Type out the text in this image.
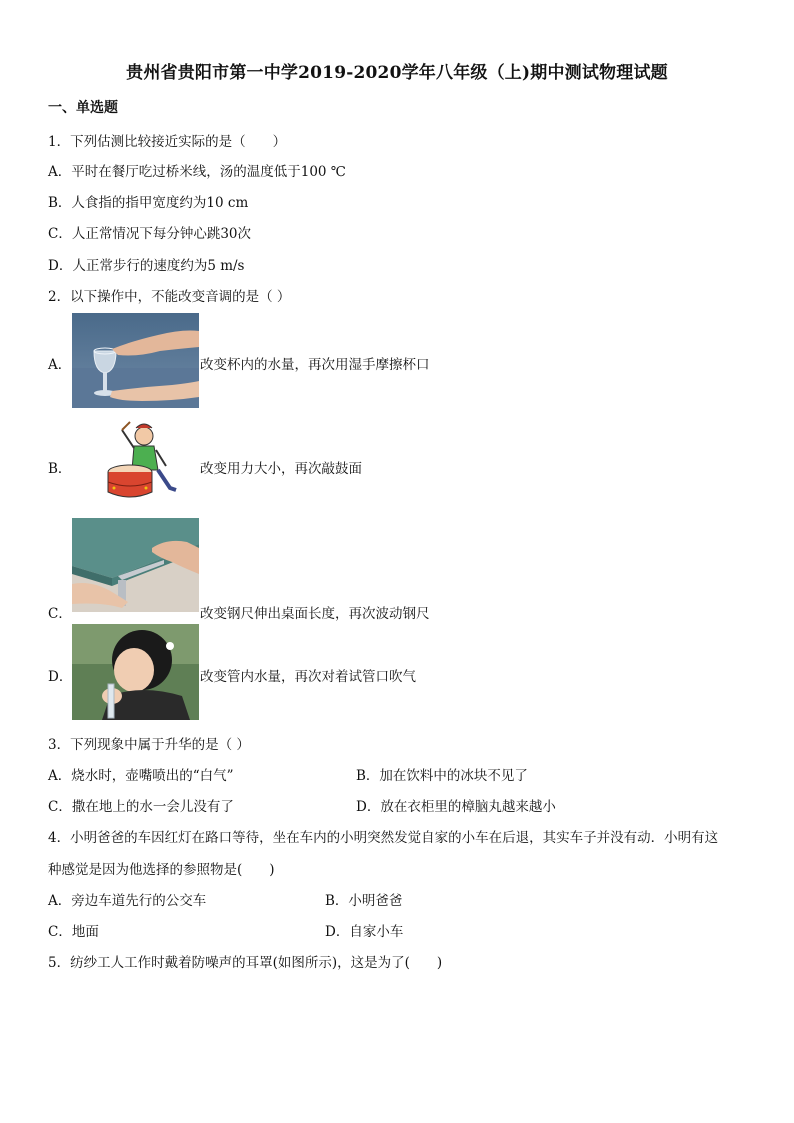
贵州省贵阳市第一中学2019-2020学年八年级（上)期中测试物理试题
一、单选题
1．下列估测比较接近实际的是（　　）
A．平时在餐厅吃过桥米线，汤的温度低于100 ℃
B．人食指的指甲宽度约为10 cm
C．人正常情况下每分钟心跳30次
D．人正常步行的速度约为5 m/s
2．以下操作中，不能改变音调的是（ ）
A．	改变杯内的水量，再次用湿手摩擦杯口
B．	改变用力大小，再次敲鼓面
C．	改变钢尺伸出桌面长度，再次波动钢尺
D．	改变管内水量，再次对着试管口吹气
3．下列现象中属于升华的是（ ）
A．烧水时，壶嘴喷出的“白气”	B．加在饮料中的冰块不见了
C．撒在地上的水一会儿没有了	D．放在衣柜里的樟脑丸越来越小
4．小明爸爸的车因红灯在路口等待，坐在车内的小明突然发觉自家的小车在后退，其实车子并没有动．小明有这
种感觉是因为他选择的参照物是(　　)
A．旁边车道先行的公交车	B．小明爸爸
C．地面	D．自家小车
5．纺纱工人工作时戴着防噪声的耳罩(如图所示)，这是为了(　　)
